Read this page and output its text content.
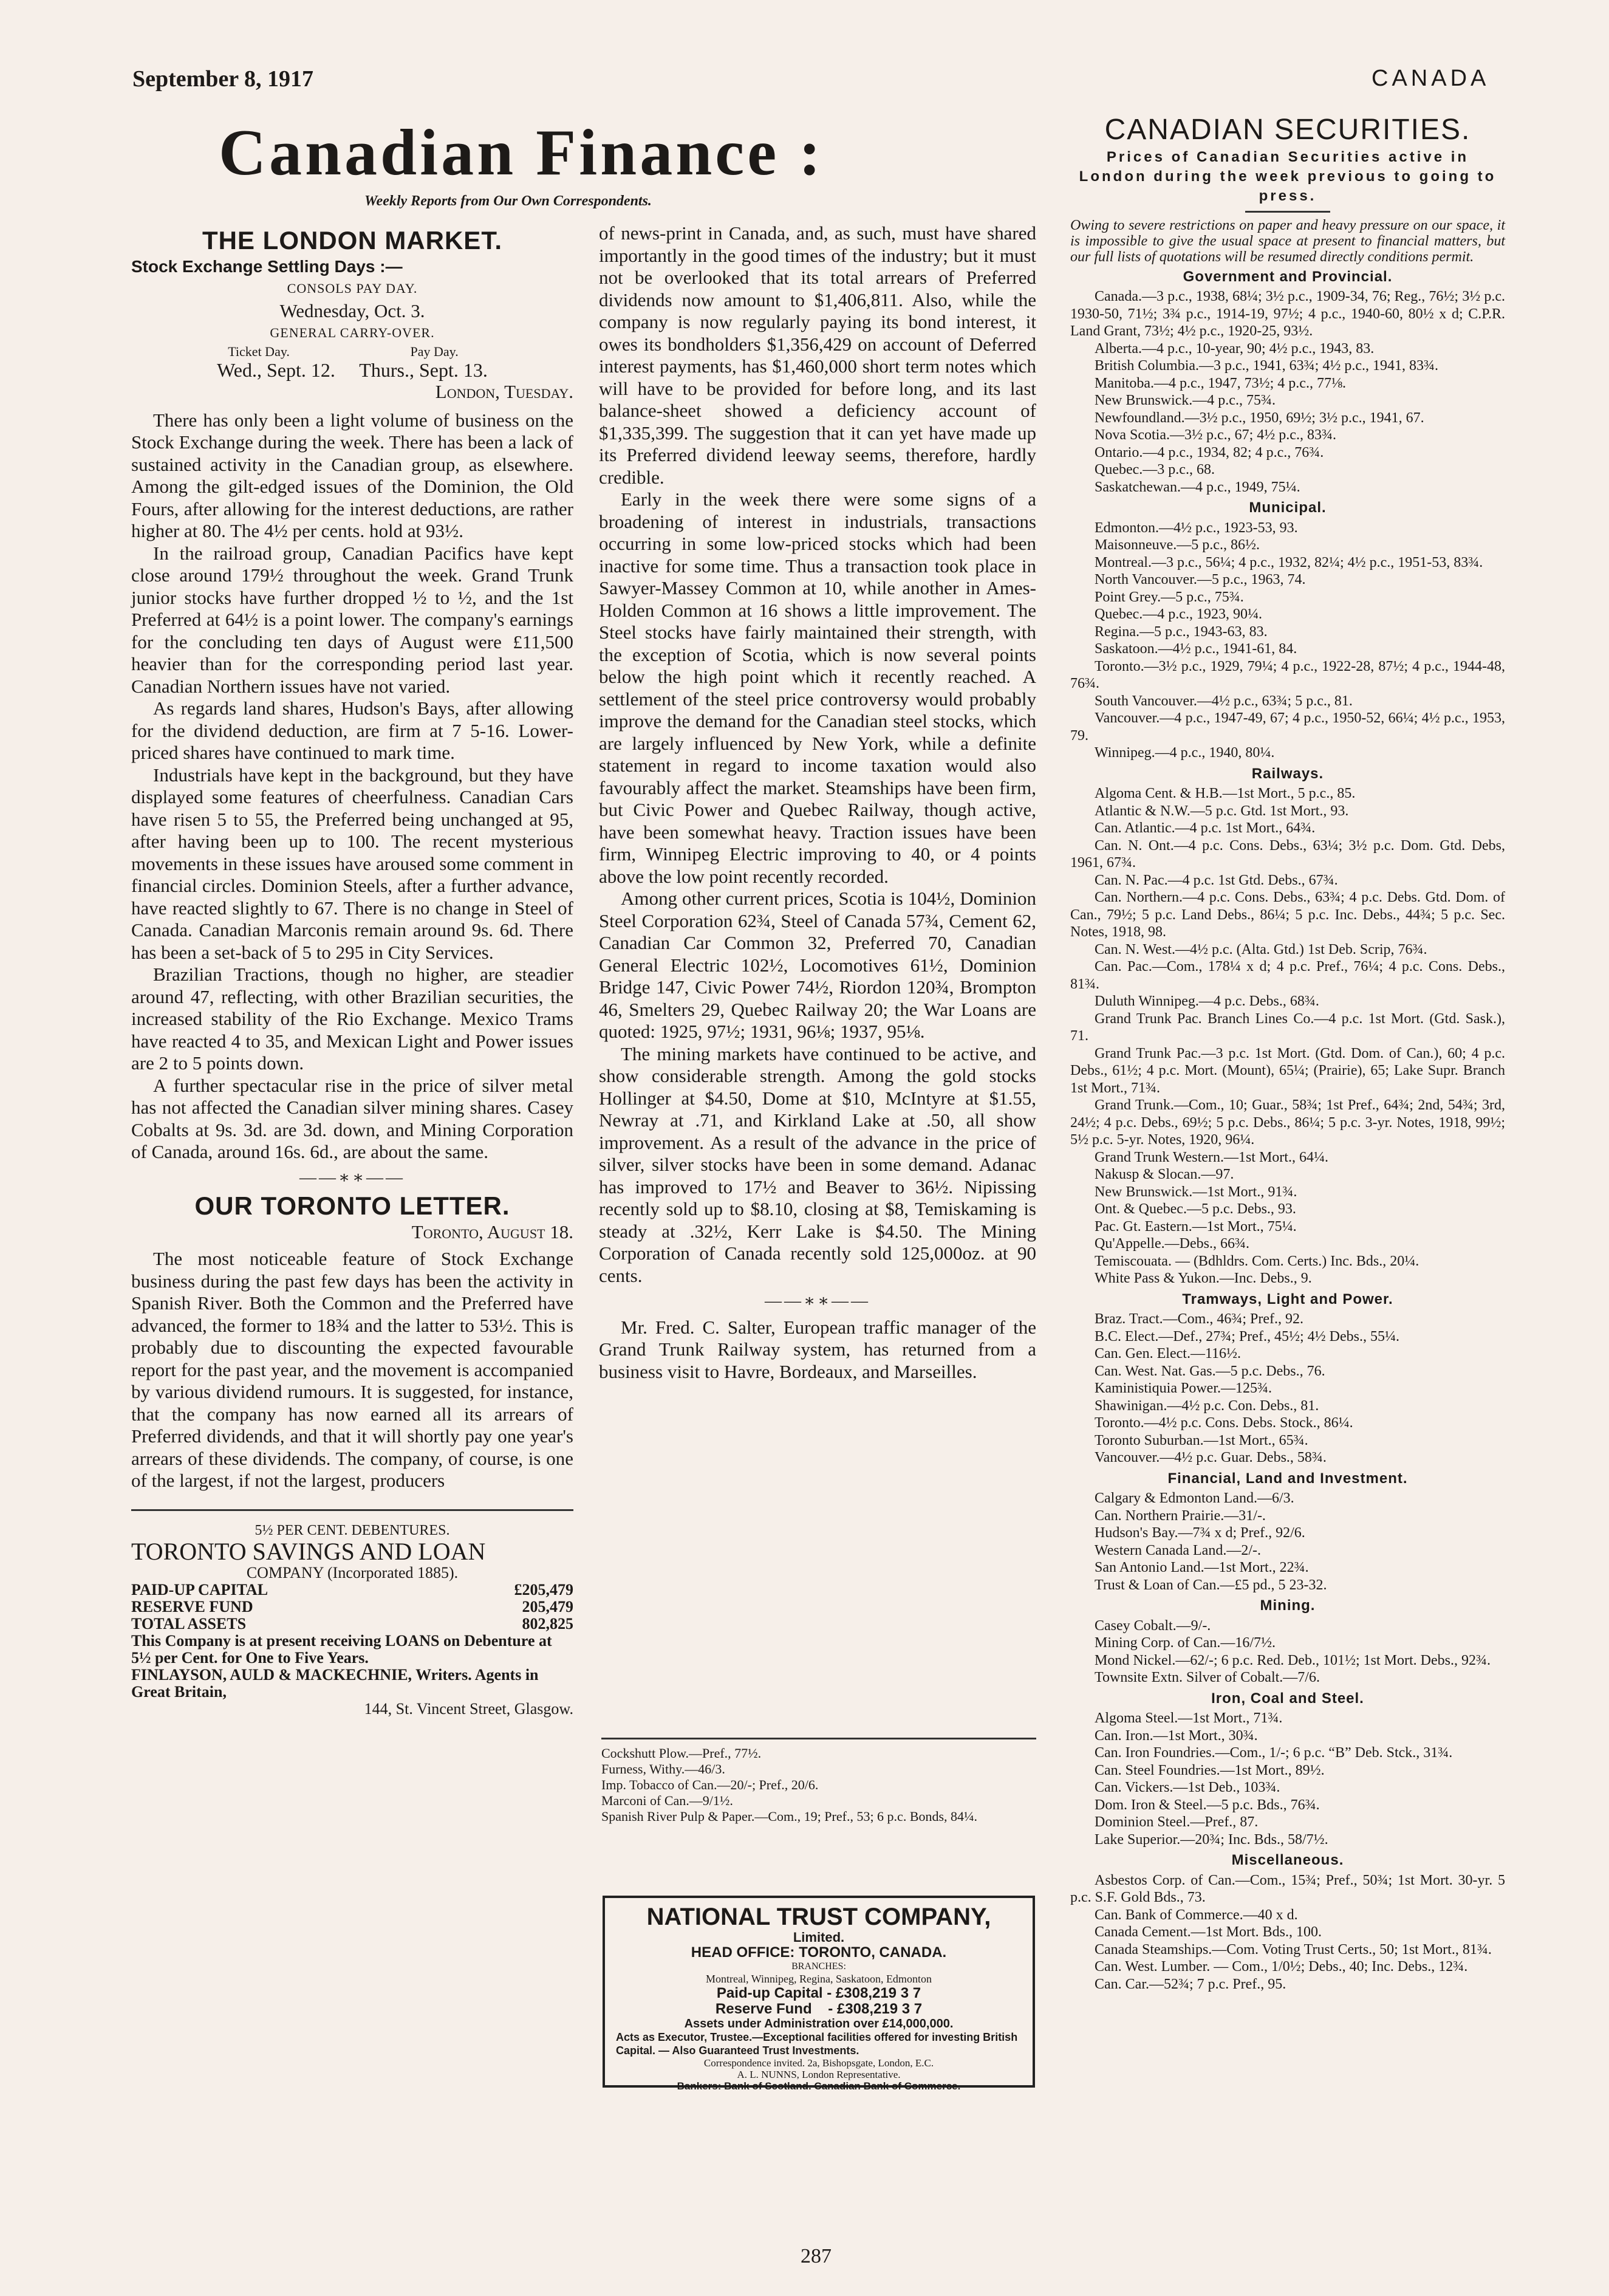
September 8, 1917	CANADA
Canadian Finance :
Weekly Reports from Our Own Correspondents.
THE LONDON MARKET.
Stock Exchange Settling Days :—
CONSOLS PAY DAY.
Wednesday, Oct. 3.
GENERAL CARRY-OVER.
Ticket Day.	Pay Day.
Wed., Sept. 12.     Thurs., Sept. 13.
London, Tuesday.

There has only been a light volume of business on the Stock Exchange during the week. There has been a lack of sustained activity in the Canadian group, as elsewhere. Among the gilt-edged issues of the Dominion, the Old Fours, after allowing for the interest deductions, are rather higher at 80. The 4½ per cents. hold at 93½.

In the railroad group, Canadian Pacifics have kept close around 179½ throughout the week. Grand Trunk junior stocks have further dropped ½ to ½, and the 1st Preferred at 64½ is a point lower. The company's earnings for the concluding ten days of August were £11,500 heavier than for the corresponding period last year. Canadian Northern issues have not varied.

As regards land shares, Hudson's Bays, after allowing for the dividend deduction, are firm at 7 5-16. Lower-priced shares have continued to mark time.

Industrials have kept in the background, but they have displayed some features of cheerfulness. Canadian Cars have risen 5 to 55, the Preferred being unchanged at 95, after having been up to 100. The recent mysterious movements in these issues have aroused some comment in financial circles. Dominion Steels, after a further advance, have reacted slightly to 67. There is no change in Steel of Canada. Canadian Marconis remain around 9s. 6d. There has been a set-back of 5 to 295 in City Services.

Brazilian Tractions, though no higher, are steadier around 47, reflecting, with other Brazilian securities, the increased stability of the Rio Exchange. Mexico Trams have reacted 4 to 35, and Mexican Light and Power issues are 2 to 5 points down.

A further spectacular rise in the price of silver metal has not affected the Canadian silver mining shares. Casey Cobalts at 9s. 3d. are 3d. down, and Mining Corporation of Canada, around 16s. 6d., are about the same.

——∗∗——
OUR TORONTO LETTER.
Toronto, August 18.

The most noticeable feature of Stock Exchange business during the past few days has been the activity in Spanish River. Both the Common and the Preferred have advanced, the former to 18¾ and the latter to 53½. This is probably due to discounting the expected favourable report for the past year, and the movement is accompanied by various dividend rumours. It is suggested, for instance, that the company has now earned all its arrears of Preferred dividends, and that it will shortly pay one year's arrears of these dividends. The company, of course, is one of the largest, if not the largest, producers

5½ PER CENT. DEBENTURES.
TORONTO SAVINGS AND LOAN
COMPANY (Incorporated 1885).
PAID-UP CAPITAL	£205,479
RESERVE FUND	205,479
TOTAL ASSETS	802,825
This Company is at present receiving LOANS on Debenture at 5½ per Cent. for One to Five Years.
FINLAYSON, AULD & MACKECHNIE, Writers. Agents in Great Britain,
144, St. Vincent Street, Glasgow.

of news-print in Canada, and, as such, must have shared importantly in the good times of the industry; but it must not be overlooked that its total arrears of Preferred dividends now amount to $1,406,811. Also, while the company is now regularly paying its bond interest, it owes its bondholders $1,356,429 on account of Deferred interest payments, has $1,460,000 short term notes which will have to be provided for before long, and its last balance-sheet showed a deficiency account of $1,335,399. The suggestion that it can yet have made up its Preferred dividend leeway seems, therefore, hardly credible.

Early in the week there were some signs of a broadening of interest in industrials, transactions occurring in some low-priced stocks which had been inactive for some time. Thus a transaction took place in Sawyer-Massey Common at 10, while another in Ames-Holden Common at 16 shows a little improvement. The Steel stocks have fairly maintained their strength, with the exception of Scotia, which is now several points below the high point which it recently reached. A settlement of the steel price controversy would probably improve the demand for the Canadian steel stocks, which are largely influenced by New York, while a definite statement in regard to income taxation would also favourably affect the market. Steamships have been firm, but Civic Power and Quebec Railway, though active, have been somewhat heavy. Traction issues have been firm, Winnipeg Electric improving to 40, or 4 points above the low point recently recorded.

Among other current prices, Scotia is 104½, Dominion Steel Corporation 62¾, Steel of Canada 57¾, Cement 62, Canadian Car Common 32, Preferred 70, Canadian General Electric 102½, Locomotives 61½, Dominion Bridge 147, Civic Power 74½, Riordon 120¾, Brompton 46, Smelters 29, Quebec Railway 20; the War Loans are quoted: 1925, 97½; 1931, 96⅛; 1937, 95⅛.

The mining markets have continued to be active, and show considerable strength. Among the gold stocks Hollinger at $4.50, Dome at $10, McIntyre at $1.55, Newray at .71, and Kirkland Lake at .50, all show improvement. As a result of the advance in the price of silver, silver stocks have been in some demand. Adanac has improved to 17½ and Beaver to 36½. Nipissing recently sold up to $8.10, closing at $8, Temiskaming is steady at .32½, Kerr Lake is $4.50. The Mining Corporation of Canada recently sold 125,000oz. at 90 cents.

——∗∗——

Mr. Fred. C. Salter, European traffic manager of the Grand Trunk Railway system, has returned from a business visit to Havre, Bordeaux, and Marseilles.

Cockshutt Plow.—Pref., 77½.
Furness, Withy.—46/3.
Imp. Tobacco of Can.—20/-; Pref., 20/6.
Marconi of Can.—9/1½.
Spanish River Pulp & Paper.—Com., 19; Pref., 53; 6 p.c. Bonds, 84¼.
NATIONAL TRUST COMPANY,
Limited.
HEAD OFFICE: TORONTO, CANADA.
BRANCHES:
Montreal, Winnipeg, Regina, Saskatoon, Edmonton
Paid-up Capital - £308,219 3 7
Reserve Fund    - £308,219 3 7
Assets under Administration over £14,000,000.
Acts as Executor, Trustee.—Exceptional facilities offered for investing British Capital. — Also Guaranteed Trust Investments.
Correspondence invited. 2a, Bishopsgate, London, E.C.
A. L. NUNNS, London Representative.
Bankers: Bank of Scotland. Canadian Bank of Commerce.
CANADIAN SECURITIES.
Prices of Canadian Securities active in London during the week previous to going to press.
Owing to severe restrictions on paper and heavy pressure on our space, it is impossible to give the usual space at present to financial matters, but our full lists of quotations will be resumed directly conditions permit.
Government and Provincial.

Canada.—3 p.c., 1938, 68¼; 3½ p.c., 1909-34, 76; Reg., 76½; 3½ p.c. 1930-50, 71½; 3¾ p.c., 1914-19, 97½; 4 p.c., 1940-60, 80½ x d; C.P.R. Land Grant, 73½; 4½ p.c., 1920-25, 93½.

Alberta.—4 p.c., 10-year, 90; 4½ p.c., 1943, 83.

British Columbia.—3 p.c., 1941, 63¾; 4½ p.c., 1941, 83¾.

Manitoba.—4 p.c., 1947, 73½; 4 p.c., 77⅛.

New Brunswick.—4 p.c., 75¾.

Newfoundland.—3½ p.c., 1950, 69½; 3½ p.c., 1941, 67.

Nova Scotia.—3½ p.c., 67; 4½ p.c., 83¾.

Ontario.—4 p.c., 1934, 82; 4 p.c., 76¾.

Quebec.—3 p.c., 68.

Saskatchewan.—4 p.c., 1949, 75¼.

Municipal.

Edmonton.—4½ p.c., 1923-53, 93.

Maisonneuve.—5 p.c., 86½.

Montreal.—3 p.c., 56¼; 4 p.c., 1932, 82¼; 4½ p.c., 1951-53, 83¾.

North Vancouver.—5 p.c., 1963, 74.

Point Grey.—5 p.c., 75¾.

Quebec.—4 p.c., 1923, 90¼.

Regina.—5 p.c., 1943-63, 83.

Saskatoon.—4½ p.c., 1941-61, 84.

Toronto.—3½ p.c., 1929, 79¼; 4 p.c., 1922-28, 87½; 4 p.c., 1944-48, 76¾.

South Vancouver.—4½ p.c., 63¾; 5 p.c., 81.

Vancouver.—4 p.c., 1947-49, 67; 4 p.c., 1950-52, 66¼; 4½ p.c., 1953, 79.

Winnipeg.—4 p.c., 1940, 80¼.

Railways.

Algoma Cent. & H.B.—1st Mort., 5 p.c., 85.

Atlantic & N.W.—5 p.c. Gtd. 1st Mort., 93.

Can. Atlantic.—4 p.c. 1st Mort., 64¾.

Can. N. Ont.—4 p.c. Cons. Debs., 63¼; 3½ p.c. Dom. Gtd. Debs, 1961, 67¾.

Can. N. Pac.—4 p.c. 1st Gtd. Debs., 67¾.

Can. Northern.—4 p.c. Cons. Debs., 63¾; 4 p.c. Debs. Gtd. Dom. of Can., 79½; 5 p.c. Land Debs., 86¼; 5 p.c. Inc. Debs., 44¾; 5 p.c. Sec. Notes, 1918, 98.

Can. N. West.—4½ p.c. (Alta. Gtd.) 1st Deb. Scrip, 76¾.

Can. Pac.—Com., 178¼ x d; 4 p.c. Pref., 76¼; 4 p.c. Cons. Debs., 81¾.

Duluth Winnipeg.—4 p.c. Debs., 68¾.

Grand Trunk Pac. Branch Lines Co.—4 p.c. 1st Mort. (Gtd. Sask.), 71.

Grand Trunk Pac.—3 p.c. 1st Mort. (Gtd. Dom. of Can.), 60; 4 p.c. Debs., 61½; 4 p.c. Mort. (Mount), 65¼; (Prairie), 65; Lake Supr. Branch 1st Mort., 71¾.

Grand Trunk.—Com., 10; Guar., 58¾; 1st Pref., 64¾; 2nd, 54¾; 3rd, 24½; 4 p.c. Debs., 69½; 5 p.c. Debs., 86¼; 5 p.c. 3-yr. Notes, 1918, 99½; 5½ p.c. 5-yr. Notes, 1920, 96¼.

Grand Trunk Western.—1st Mort., 64¼.

Nakusp & Slocan.—97.

New Brunswick.—1st Mort., 91¾.

Ont. & Quebec.—5 p.c. Debs., 93.

Pac. Gt. Eastern.—1st Mort., 75¼.

Qu'Appelle.—Debs., 66¾.

Temiscouata. — (Bdhldrs. Com. Certs.) Inc. Bds., 20¼.

White Pass & Yukon.—Inc. Debs., 9.

Tramways, Light and Power.

Braz. Tract.—Com., 46¾; Pref., 92.

B.C. Elect.—Def., 27¾; Pref., 45½; 4½ Debs., 55¼.

Can. Gen. Elect.—116½.

Can. West. Nat. Gas.—5 p.c. Debs., 76.

Kaministiquia Power.—125¾.

Shawinigan.—4½ p.c. Con. Debs., 81.

Toronto.—4½ p.c. Cons. Debs. Stock., 86¼.

Toronto Suburban.—1st Mort., 65¾.

Vancouver.—4½ p.c. Guar. Debs., 58¾.

Financial, Land and Investment.

Calgary & Edmonton Land.—6/3.

Can. Northern Prairie.—31/-.

Hudson's Bay.—7¾ x d; Pref., 92/6.

Western Canada Land.—2/-.

San Antonio Land.—1st Mort., 22¾.

Trust & Loan of Can.—£5 pd., 5 23-32.

Mining.

Casey Cobalt.—9/-.

Mining Corp. of Can.—16/7½.

Mond Nickel.—62/-; 6 p.c. Red. Deb., 101½; 1st Mort. Debs., 92¾.

Townsite Extn. Silver of Cobalt.—7/6.

Iron, Coal and Steel.

Algoma Steel.—1st Mort., 71¾.

Can. Iron.—1st Mort., 30¾.

Can. Iron Foundries.—Com., 1/-; 6 p.c. “B” Deb. Stck., 31¾.

Can. Steel Foundries.—1st Mort., 89½.

Can. Vickers.—1st Deb., 103¾.

Dom. Iron & Steel.—5 p.c. Bds., 76¾.

Dominion Steel.—Pref., 87.

Lake Superior.—20¾; Inc. Bds., 58/7½.

Miscellaneous.

Asbestos Corp. of Can.—Com., 15¾; Pref., 50¾; 1st Mort. 30-yr. 5 p.c. S.F. Gold Bds., 73.

Can. Bank of Commerce.—40 x d.

Canada Cement.—1st Mort. Bds., 100.

Canada Steamships.—Com. Voting Trust Certs., 50; 1st Mort., 81¾.

Can. West. Lumber. — Com., 1/0½; Debs., 40; Inc. Debs., 12¾.

Can. Car.—52¾; 7 p.c. Pref., 95.

287
